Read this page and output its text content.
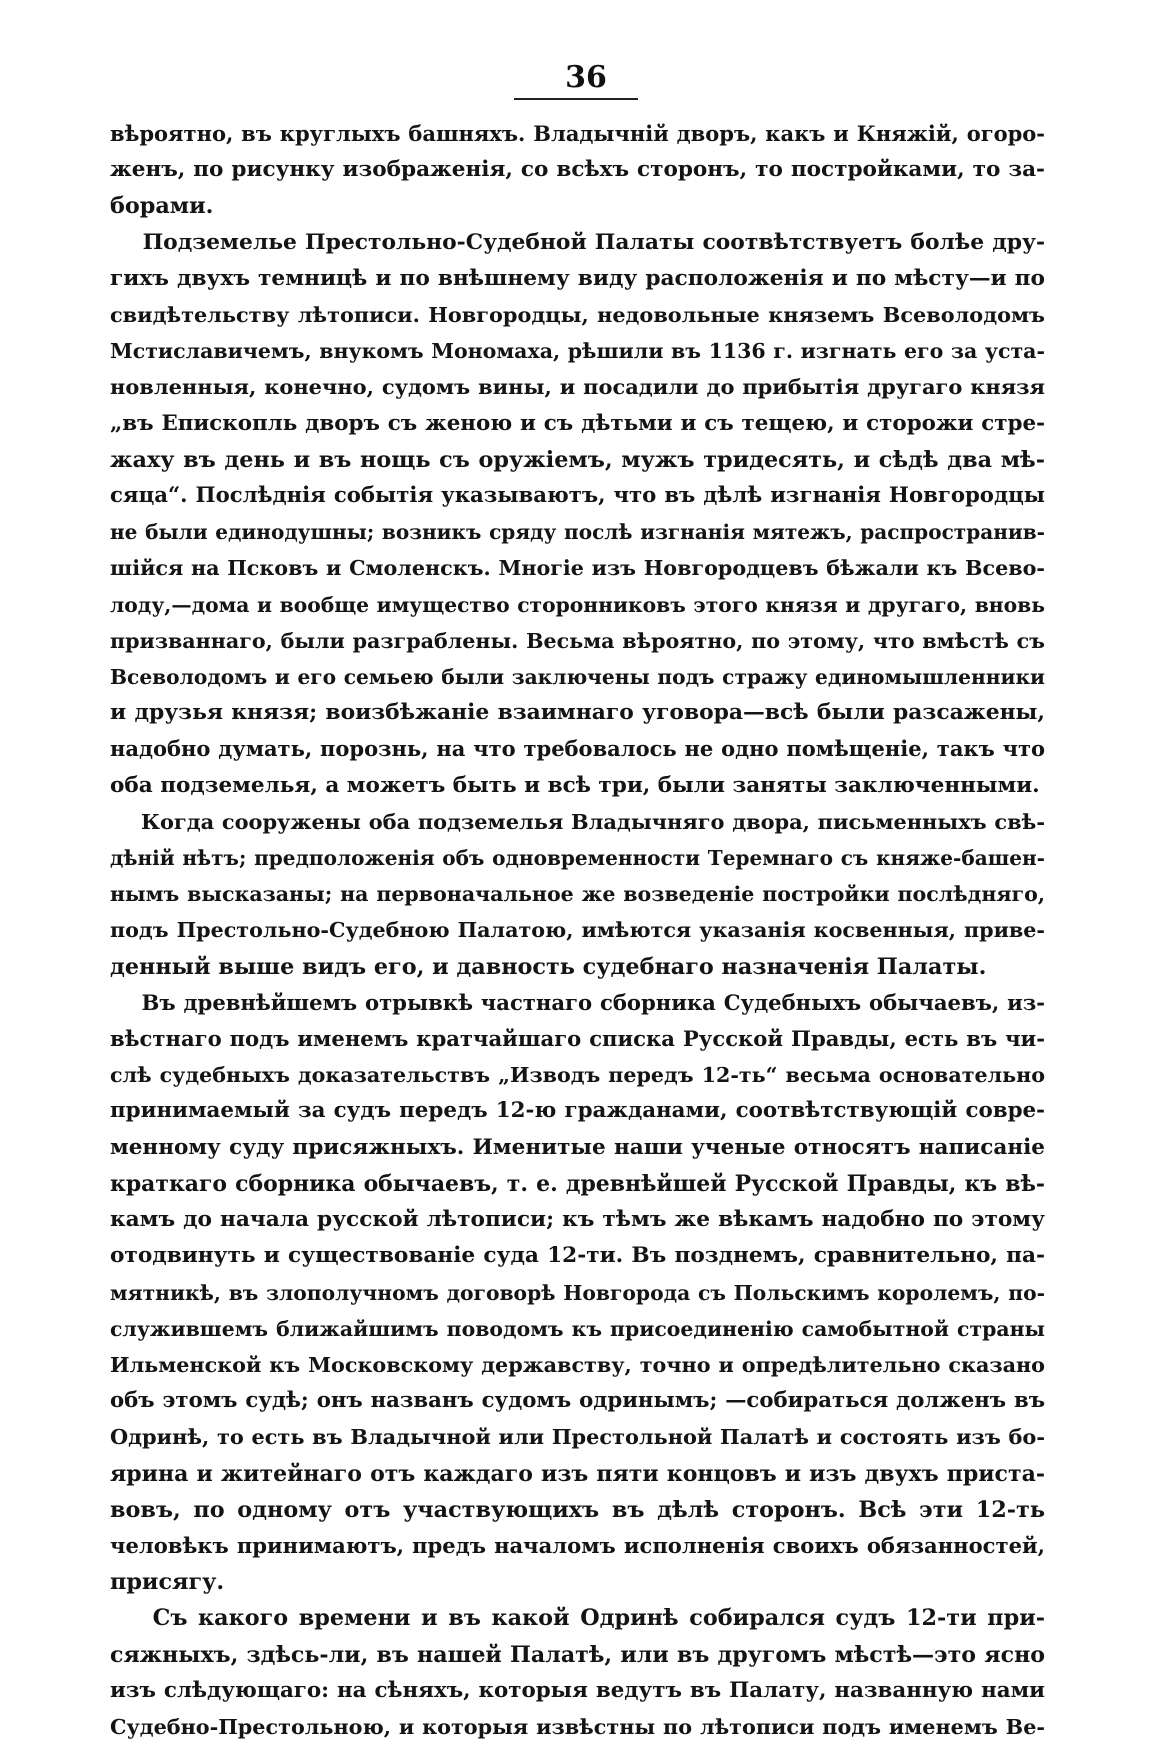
36
вѣроятно, въ круглыхъ башняхъ. Владычній дворъ, какъ и Княжій, огоро-
женъ, по рисунку изображенія, со всѣхъ сторонъ, то постройками, то за-
борами.
Подземелье Престольно-Судебной Палаты соотвѣтствуетъ болѣе дру-
гихъ двухъ темницѣ и по внѣшнему виду расположенія и по мѣсту—и по
свидѣтельству лѣтописи. Новгородцы, недовольные княземъ Всеволодомъ
Мстиславичемъ, внукомъ Мономаха, рѣшили въ 1136 г. изгнать его за уста-
новленныя, конечно, судомъ вины, и посадили до прибытія другаго князя
„въ Епископль дворъ съ женою и съ дѣтьми и съ тещею, и сторожи стре-
жаху въ день и въ нощь съ оружіемъ, мужъ тридесять, и сѣдѣ два мѣ-
сяца“. Послѣднія событія указываютъ, что въ дѣлѣ изгнанія Новгородцы
не были единодушны; возникъ сряду послѣ изгнанія мятежъ, распространив-
шійся на Псковъ и Смоленскъ. Многіе изъ Новгородцевъ бѣжали къ Всево-
лоду,—дома и вообще имущество сторонниковъ этого князя и другаго, вновь
призваннаго, были разграблены. Весьма вѣроятно, по этому, что вмѣстѣ съ
Всеволодомъ и его семьею были заключены подъ стражу единомышленники
и друзья князя; воизбѣжаніе взаимнаго уговора—всѣ были разсажены,
надобно думать, порознь, на что требовалось не одно помѣщеніе, такъ что
оба подземелья, а можетъ быть и всѣ три, были заняты заключенными.
Когда сооружены оба подземелья Владычняго двора, письменныхъ свѣ-
дѣній нѣтъ; предположенія объ одновременности Теремнаго съ княже-башен-
нымъ высказаны; на первоначальное же возведеніе постройки послѣдняго,
подъ Престольно-Судебною Палатою, имѣются указанія косвенныя, приве-
денный выше видъ его, и давность судебнаго назначенія Палаты.
Въ древнѣйшемъ отрывкѣ частнаго сборника Судебныхъ обычаевъ, из-
вѣстнаго подъ именемъ кратчайшаго списка Русской Правды, есть въ чи-
слѣ судебныхъ доказательствъ „Изводъ передъ 12-ть“ весьма основательно
принимаемый за судъ передъ 12-ю гражданами, соотвѣтствующій совре-
менному суду присяжныхъ. Именитые наши ученые относятъ написаніе
краткаго сборника обычаевъ, т. е. древнѣйшей Русской Правды, къ вѣ-
камъ до начала русской лѣтописи; къ тѣмъ же вѣкамъ надобно по этому
отодвинуть и существованіе суда 12-ти. Въ позднемъ, сравнительно, па-
мятникѣ, въ злополучномъ договорѣ Новгорода съ Польскимъ королемъ, по-
служившемъ ближайшимъ поводомъ къ присоединенію самобытной страны
Ильменской къ Московскому державству, точно и опредѣлительно сказано
объ этомъ судѣ; онъ названъ судомъ одринымъ; —собираться долженъ въ
Одринѣ, то есть въ Владычной или Престольной Палатѣ и состоять изъ бо-
ярина и житейнаго отъ каждаго изъ пяти концовъ и изъ двухъ приста-
вовъ, по одному отъ участвующихъ въ дѣлѣ сторонъ. Всѣ эти 12-ть
человѣкъ принимаютъ, предъ началомъ исполненія своихъ обязанностей,
присягу.
Съ какого времени и въ какой Одринѣ собирался судъ 12-ти при-
сяжныхъ, здѣсь-ли, въ нашей Палатѣ, или въ другомъ мѣстѣ—это ясно
изъ слѣдующаго: на сѣняхъ, которыя ведутъ въ Палату, названную нами
Судебно-Престольною, и которыя извѣстны по лѣтописи подъ именемъ Ве-
